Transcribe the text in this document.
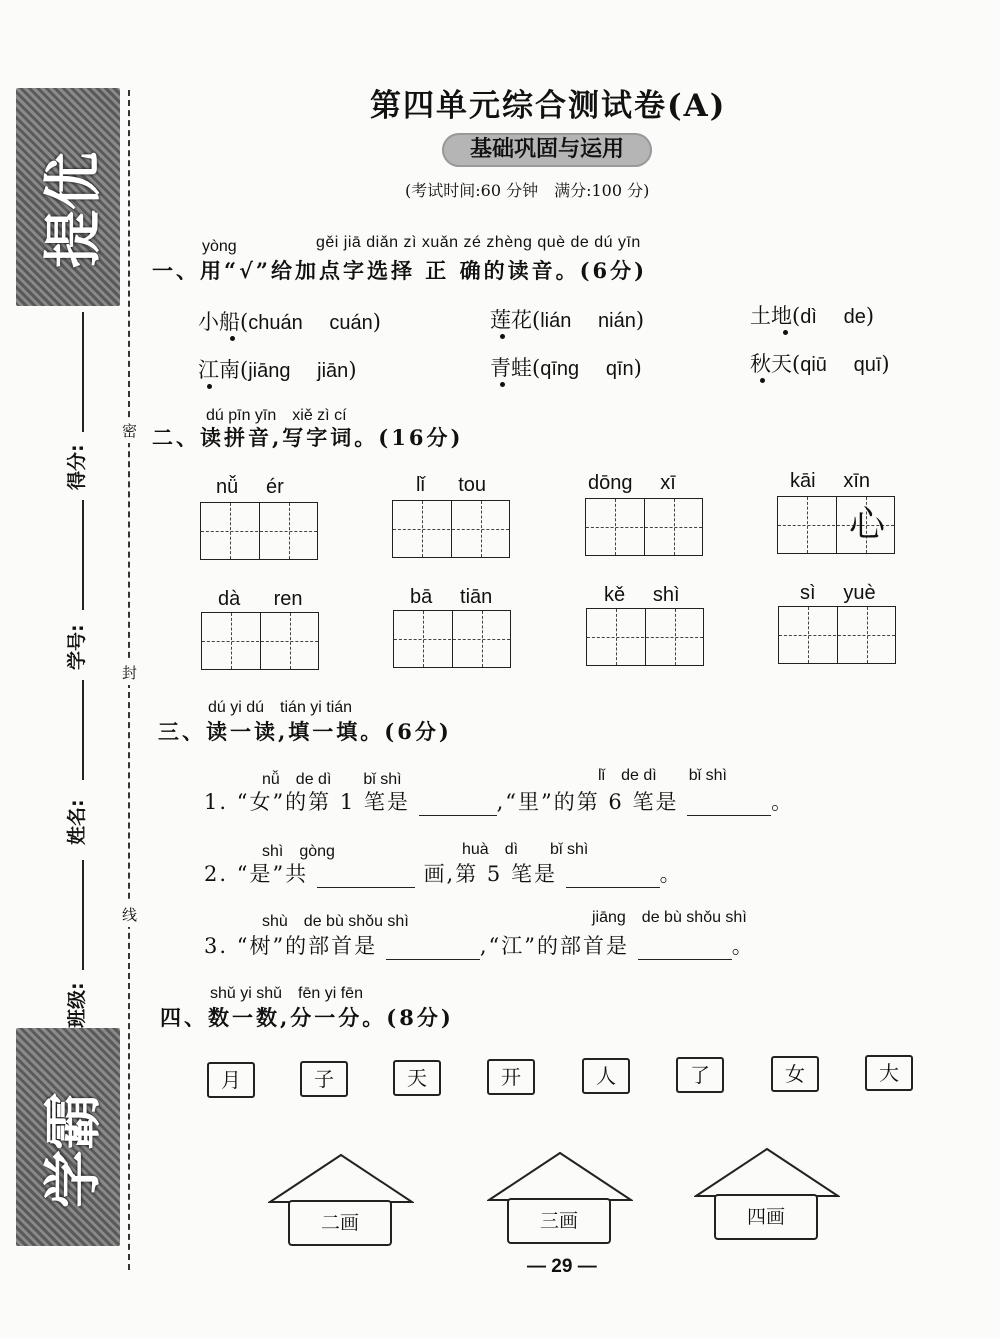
提优
学霸
得分:
学号:
姓名:
班级:
密
封
线
第四单元综合测试卷(A)
基础巩固与运用
(考试时间:60 分钟　满分:100 分)
yòng	gěi jiā diǎn zì xuǎn zé zhèng què de dú yīn
一、用“√”给加点字选择 正 确的读音。(6分)
小船(chuán cuán)	莲花(lián nián)	土地(dì de)
江南(jiāng jiān)	青蛙(qīng qīn)	秋天(qiū quī)
dú pīn yīn　xiě zì cí
二、读拼音,写字词。(16分)
nǚ ér	lǐ tou	dōng xī	kāi xīn
心
dà ren	bā tiān	kě shì	sì yuè
dú yi dú　tián yi tián
三、读一读,填一填。(6分)
nǚ　de dì　　bǐ shì	lǐ　de dì　　bǐ shì
1. “女”的第 1 笔是	,“里”的第 6 笔是	。
shì　gòng	huà　dì　　bǐ shì
2. “是”共	画,第 5 笔是	。
shù　de bù shǒu shì	jiāng　de bù shǒu shì
3. “树”的部首是	,“江”的部首是	。
shǔ yi shǔ　fēn yi fēn
四、数一数,分一分。(8分)
月	子	天	开	人	了	女	大
二画	三画	四画
— 29 —
